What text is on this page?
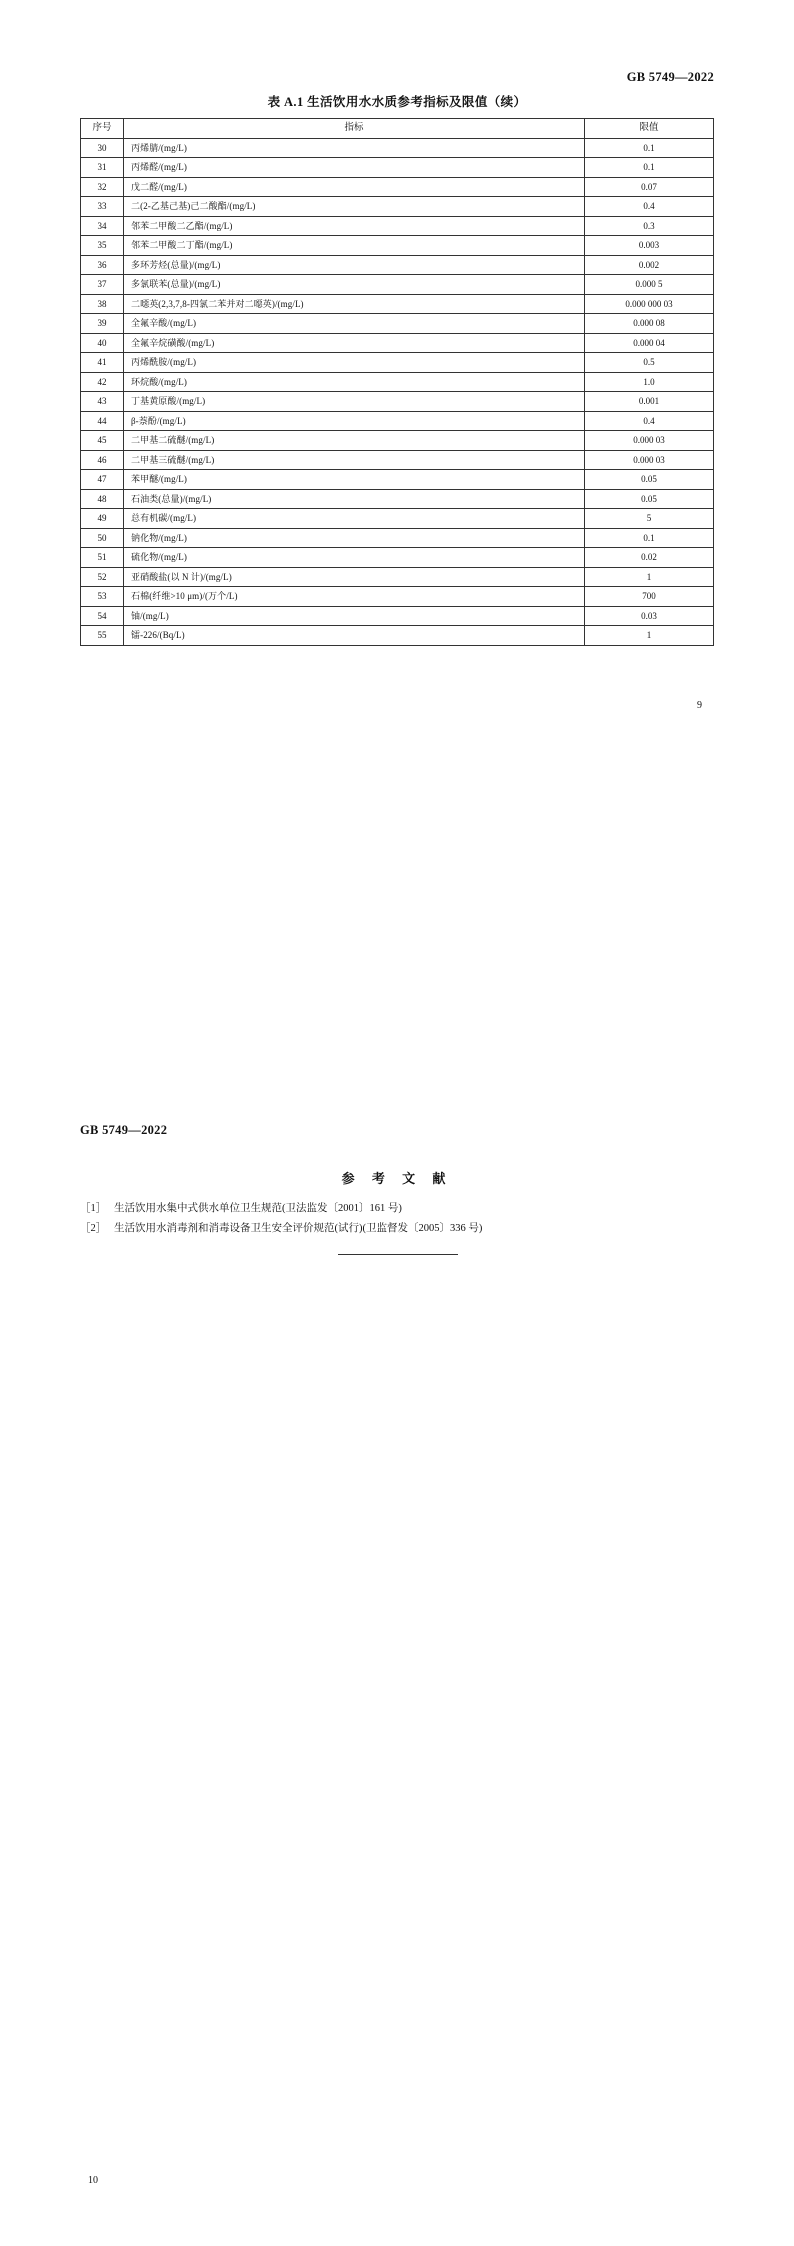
GB 5749—2022
表 A.1 生活饮用水水质参考指标及限值（续）
序号	指标	限值
30	丙烯腈/(mg/L)	0.1
31	丙烯醛/(mg/L)	0.1
32	戊二醛/(mg/L)	0.07
33	二(2-乙基己基)己二酸酯/(mg/L)	0.4
34	邻苯二甲酸二乙酯/(mg/L)	0.3
35	邻苯二甲酸二丁酯/(mg/L)	0.003
36	多环芳烃(总量)/(mg/L)	0.002
37	多氯联苯(总量)/(mg/L)	0.000 5
38	二噁英(2,3,7,8-四氯二苯并对二噁英)/(mg/L)	0.000 000 03
39	全氟辛酸/(mg/L)	0.000 08
40	全氟辛烷磺酸/(mg/L)	0.000 04
41	丙烯酰胺/(mg/L)	0.5
42	环烷酸/(mg/L)	1.0
43	丁基黄原酸/(mg/L)	0.001
44	β-萘酚/(mg/L)	0.4
45	二甲基二硫醚/(mg/L)	0.000 03
46	二甲基三硫醚/(mg/L)	0.000 03
47	苯甲醚/(mg/L)	0.05
48	石油类(总量)/(mg/L)	0.05
49	总有机碳/(mg/L)	5
50	钠化物/(mg/L)	0.1
51	硫化物/(mg/L)	0.02
52	亚硝酸盐(以 N 计)/(mg/L)	1
53	石棉(纤维>10 μm)/(万个/L)	700
54	铀/(mg/L)	0.03
55	镭-226/(Bq/L)	1
9
GB 5749—2022
参 考 文 献
［1］ 生活饮用水集中式供水单位卫生规范(卫法监发〔2001〕161 号)
［2］ 生活饮用水消毒剂和消毒设备卫生安全评价规范(试行)(卫监督发〔2005〕336 号)
10
